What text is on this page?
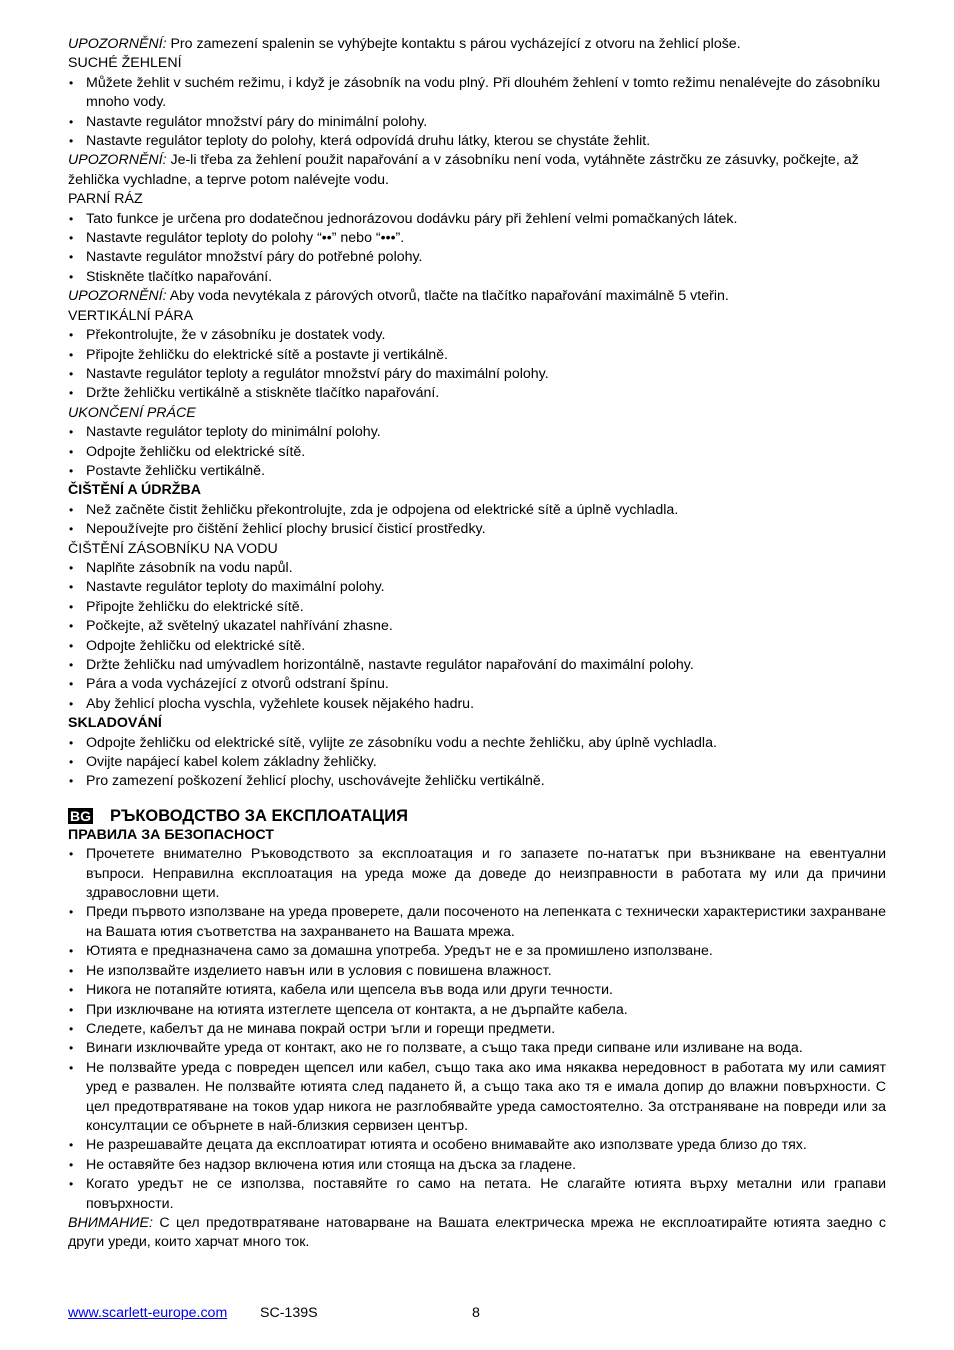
UPOZORNĚNÍ: Pro zamezení spalenin se vyhýbejte kontaktu s párou vycházející z otvoru na žehlicí ploše.
SUCHÉ ŽEHLENÍ
• Můžete žehlit v suchém režimu, i když je zásobník na vodu plný. Při dlouhém žehlení v tomto režimu nenalévejte do zásobníku mnoho vody.
• Nastavte regulátor množství páry do minimální polohy.
• Nastavte regulátor teploty do polohy, která odpovídá druhu látky, kterou se chystáte žehlit.
UPOZORNĚNÍ: Je-li třeba za žehlení použit napařování a v zásobníku není voda, vytáhněte zástrčku ze zásuvky, počkejte, až žehlička vychladne, a teprve potom nalévejte vodu.
PARNÍ RÁZ
• Tato funkce je určena pro dodatečnou jednorázovou dodávku páry při žehlení velmi pomačkaných látek.
• Nastavte regulátor teploty do polohy “••” nebo “•••”.
• Nastavte regulátor množství páry do potřebné polohy.
• Stiskněte tlačítko napařování.
UPOZORNĚNÍ: Aby voda nevytékala z párových otvorů, tlačte na tlačítko napařování maximálně 5 vteřin.
VERTIKÁLNÍ PÁRA
• Překontrolujte, že v zásobníku je dostatek vody.
• Připojte žehličku do elektrické sítě a postavte ji vertikálně.
• Nastavte regulátor teploty a regulátor množství páry do maximální polohy.
• Držte žehličku vertikálně a stiskněte tlačítko napařování.
UKONČENÍ PRÁCE
• Nastavte regulátor teploty do minimální polohy.
• Odpojte žehličku od elektrické sítě.
• Postavte žehličku vertikálně.
ČIŠTĚNÍ A ÚDRŽBA
• Než začněte čistit žehličku překontrolujte, zda je odpojena od elektrické sítě a úplně vychladla.
• Nepoužívejte pro čištění žehlicí plochy brusicí čisticí prostředky.
ČIŠTĚNÍ ZÁSOBNÍKU NA VODU
• Naplňte zásobník na vodu napůl.
• Nastavte regulátor teploty do maximální polohy.
• Připojte žehličku do elektrické sítě.
• Počkejte, až světelný ukazatel nahřívání zhasne.
• Odpojte žehličku od elektrické sítě.
• Držte žehličku nad umývadlem horizontálně, nastavte regulátor napařování do maximální polohy.
• Pára a voda vycházející z otvorů odstraní špínu.
• Aby žehlicí plocha vyschla, vyžehlete kousek nějakého hadru.
SKLADOVÁNÍ
• Odpojte žehličku od elektrické sítě, vylijte ze zásobníku vodu a nechte žehličku, aby úplně vychladla.
• Ovijte napájecí kabel kolem základny žehličky.
• Pro zamezení poškození žehlicí plochy, uschovávejte žehličku vertikálně.
BG РЪКОВОДСТВО ЗА ЕКСПЛОАТАЦИЯ
ПРАВИЛА ЗА БЕЗОПАСНОСТ
• Прочетете внимателно Ръководството за експлоатация и го запазете по-нататък при възникване на евентуални въпроси. Неправилна експлоатация на уреда може да доведе до неизправности в работата му или да причини здравословни щети.
• Преди първото използване на уреда проверете, дали посоченото на лепенката с технически характеристики захранване на Вашата ютия съответства на захранването на Вашата мрежа.
• Ютията е предназначена само за домашна употреба. Уредът не е за промишлено използване.
• Не използвайте изделието навън или в условия с повишена влажност.
• Никога не потапяйте ютията, кабела или щепсела във вода или други течности.
• При изключване на ютията изтеглете щепсела от контакта, а не дърпайте кабела.
• Следете, кабелът да не минава покрай остри ъгли и горещи предмети.
• Винаги изключвайте уреда от контакт, ако не го ползвате, а също така преди сипване или изливане на вода.
• Не ползвайте уреда с повреден щепсел или кабел, също така ако има някаква нередовност в работата му или самият уред е развален. Не ползвайте ютията след падането й, а също така ако тя е имала допир до влажни повърхности. С цел предотвратяване на токов удар никога не разглобявайте уреда самостоятелно. За отстраняване на повреди или за консултации се обърнете в най-близкия сервизен център.
• Не разрешавайте децата да експлоатират ютията и особено внимавайте ако използвате уреда близо до тях.
• Не оставяйте без надзор включена ютия или стояща на дъска за гладене.
• Когато уредът не се използва, поставяйте го само на петата. Не слагайте ютията върху метални или грапави повърхности.
ВНИМАНИЕ: С цел предотвратяване натоварване на Вашата електрическа мрежа не експлоатирайте ютията заедно с други уреди, които харчат много ток.
www.scarlett-europe.com SC-139S	8
